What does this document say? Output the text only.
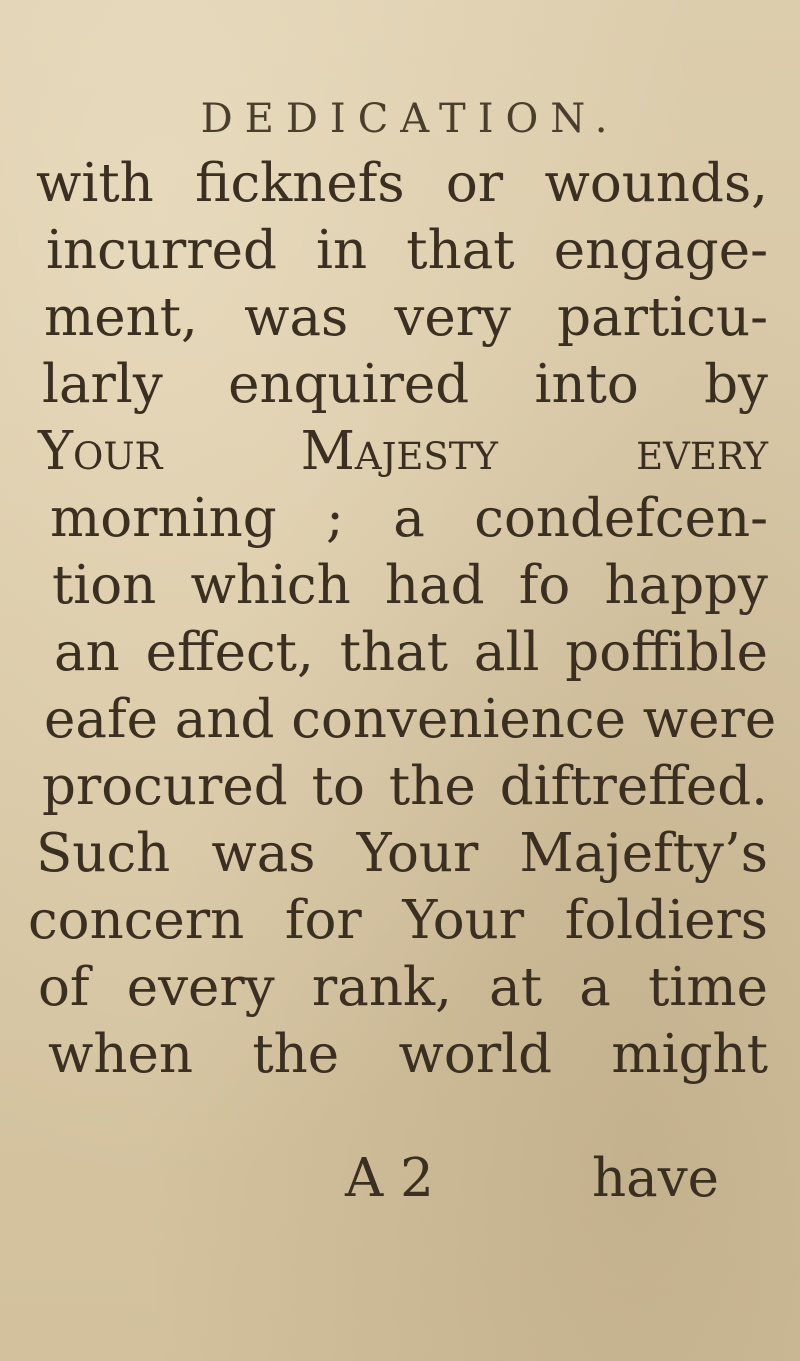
DEDICATION.
with ficknefs or wounds,
incurred in that engage-
ment, was very particu-
larly enquired into by
Your Majesty every
morning ; a condefcen-
tion which had fo happy
an effect, that all poffible
eafe and convenience were
procured to the diftreffed.
Such was Your Majefty’s
concern for Your foldiers
of every rank, at a time
when the world might
A 2	have
